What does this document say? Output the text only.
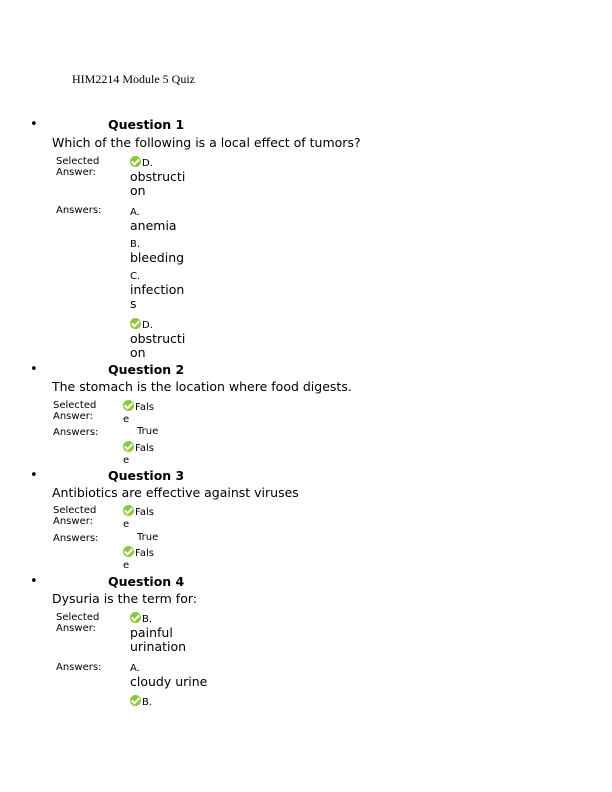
HIM2214 Module 5 Quiz
•	Question 1
Which of the following is a local effect of tumors?
Selected
Answer:
D.
obstructi
on
Answers:	A.
anemia
B.
bleeding
C.
infection
s
D.
obstructi
on
•	Question 2
The stomach is the location where food digests.
Selected
Answer:
Fals
e
Answers:	True
Fals
e
•	Question 3
Antibiotics are effective against viruses
Selected
Answer:
Fals
e
Answers:	True
Fals
e
•	Question 4
Dysuria is the term for:
Selected
Answer:
B.
painful
urination
Answers:	A.
cloudy urine
B.
